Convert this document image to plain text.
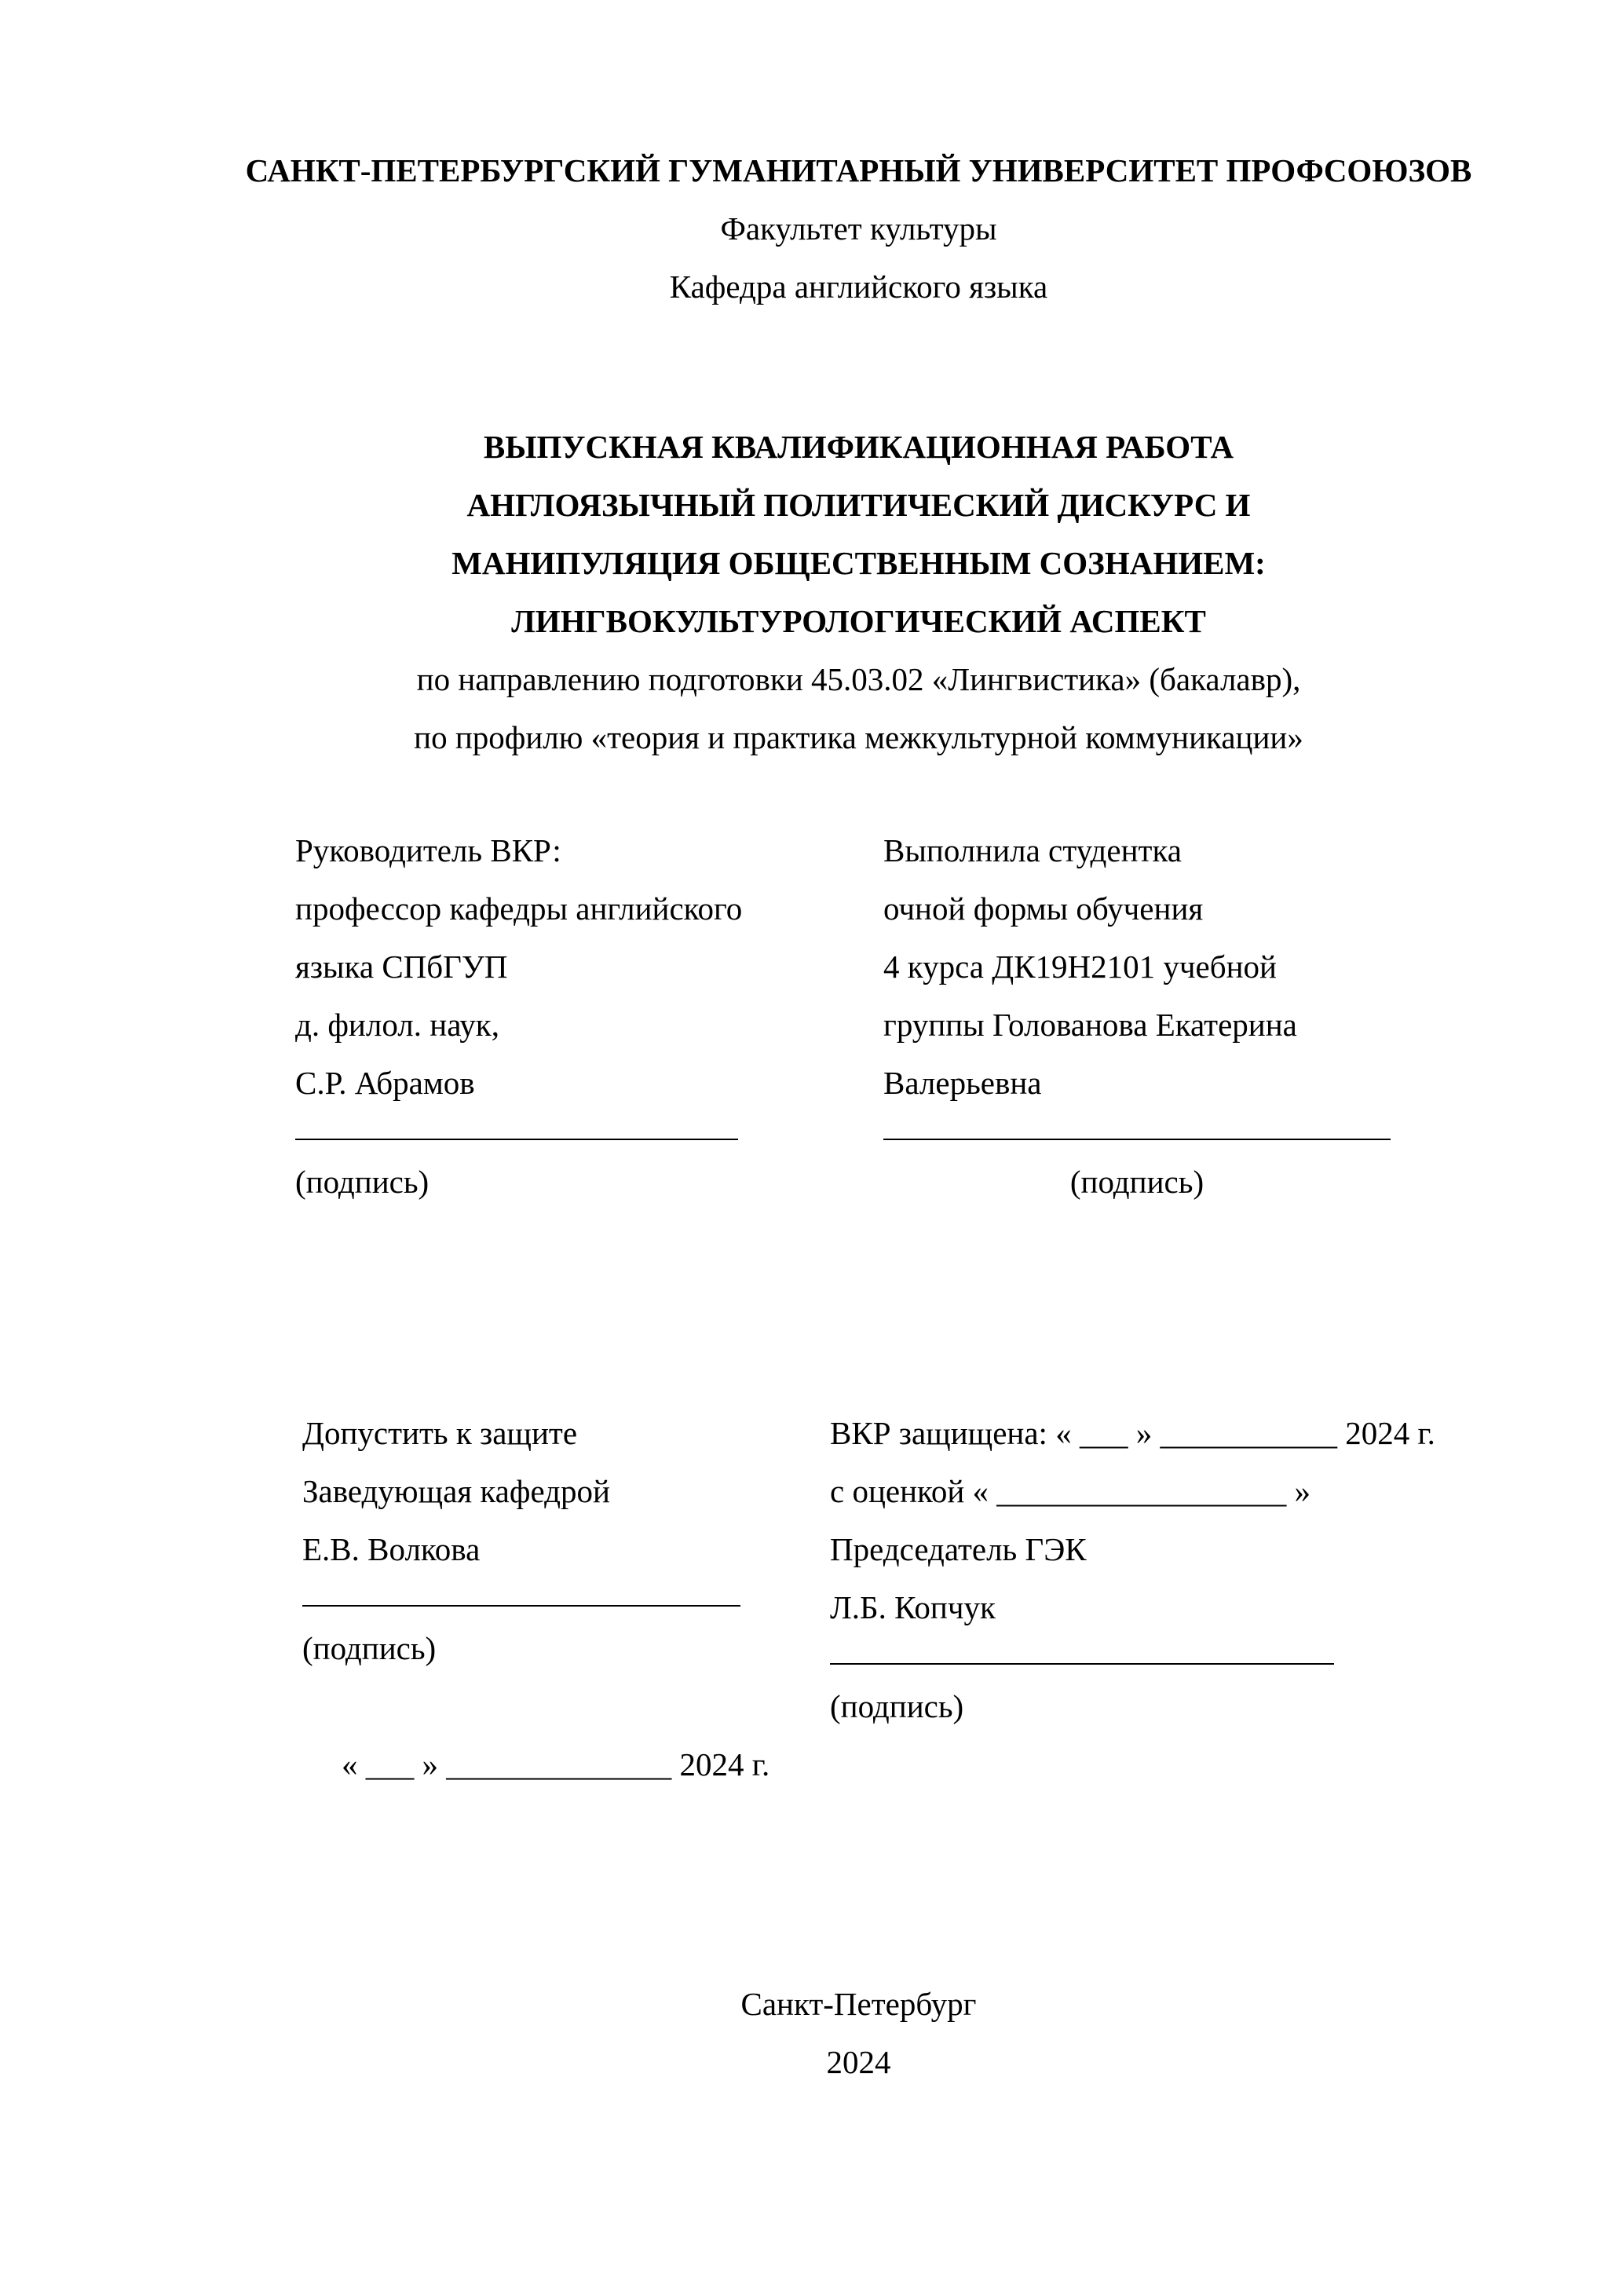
САНКТ-ПЕТЕРБУРГСКИЙ ГУМАНИТАРНЫЙ УНИВЕРСИТЕТ ПРОФСОЮЗОВ
Факультет культуры
Кафедра английского языка
ВЫПУСКНАЯ КВАЛИФИКАЦИОННАЯ РАБОТА
АНГЛОЯЗЫЧНЫЙ ПОЛИТИЧЕСКИЙ ДИСКУРС И
МАНИПУЛЯЦИЯ ОБЩЕСТВЕННЫМ СОЗНАНИЕМ:
ЛИНГВОКУЛЬТУРОЛОГИЧЕСКИЙ АСПЕКТ
по направлению подготовки 45.03.02 «Лингвистика» (бакалавр),
по профилю «теория и практика межкультурной коммуникации»
Руководитель ВКР:
профессор кафедры английского
языка СПбГУП
д. филол. наук,
С.Р. Абрамов
(подпись)
Выполнила студентка
очной формы обучения
4 курса ДК19Н2101 учебной
группы Голованова Екатерина
Валерьевна
(подпись)
Допустить к защите
Заведующая кафедрой
Е.В. Волкова
(подпись)
« ___ » ______________ 2024 г.
ВКР защищена: « ___ » ___________ 2024 г.
с оценкой « __________________ »
Председатель ГЭК
Л.Б. Копчук
(подпись)
Санкт-Петербург
2024
